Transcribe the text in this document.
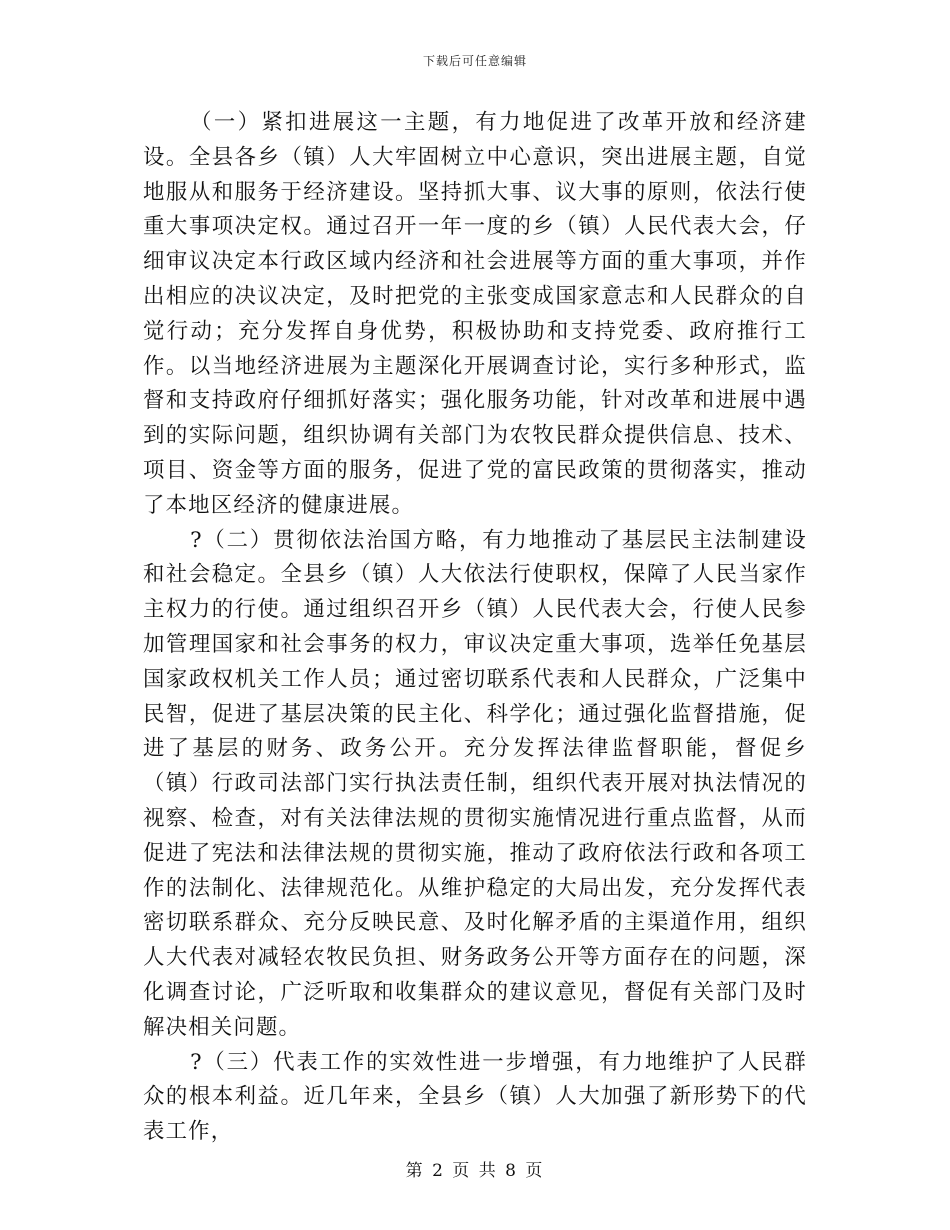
下载后可任意编辑

（一）紧扣进展这一主题，有力地促进了改革开放和经济建设。全县各乡（镇）人大牢固树立中心意识，突出进展主题，自觉地服从和服务于经济建设。坚持抓大事、议大事的原则，依法行使重大事项决定权。通过召开一年一度的乡（镇）人民代表大会，仔细审议决定本行政区域内经济和社会进展等方面的重大事项，并作出相应的决议决定，及时把党的主张变成国家意志和人民群众的自觉行动；充分发挥自身优势，积极协助和支持党委、政府推行工作。以当地经济进展为主题深化开展调查讨论，实行多种形式，监督和支持政府仔细抓好落实；强化服务功能，针对改革和进展中遇到的实际问题，组织协调有关部门为农牧民群众提供信息、技术、项目、资金等方面的服务，促进了党的富民政策的贯彻落实，推动了本地区经济的健康进展。

?（二）贯彻依法治国方略，有力地推动了基层民主法制建设和社会稳定。全县乡（镇）人大依法行使职权，保障了人民当家作主权力的行使。通过组织召开乡（镇）人民代表大会，行使人民参加管理国家和社会事务的权力，审议决定重大事项，选举任免基层国家政权机关工作人员；通过密切联系代表和人民群众，广泛集中民智，促进了基层决策的民主化、科学化；通过强化监督措施，促进了基层的财务、政务公开。充分发挥法律监督职能，督促乡（镇）行政司法部门实行执法责任制，组织代表开展对执法情况的视察、检查，对有关法律法规的贯彻实施情况进行重点监督，从而促进了宪法和法律法规的贯彻实施，推动了政府依法行政和各项工作的法制化、法律规范化。从维护稳定的大局出发，充分发挥代表密切联系群众、充分反映民意、及时化解矛盾的主渠道作用，组织人大代表对减轻农牧民负担、财务政务公开等方面存在的问题，深化调查讨论，广泛听取和收集群众的建议意见，督促有关部门及时解决相关问题。

?（三）代表工作的实效性进一步增强，有力地维护了人民群众的根本利益。近几年来，全县乡（镇）人大加强了新形势下的代表工作，

第 2 页 共 8 页
